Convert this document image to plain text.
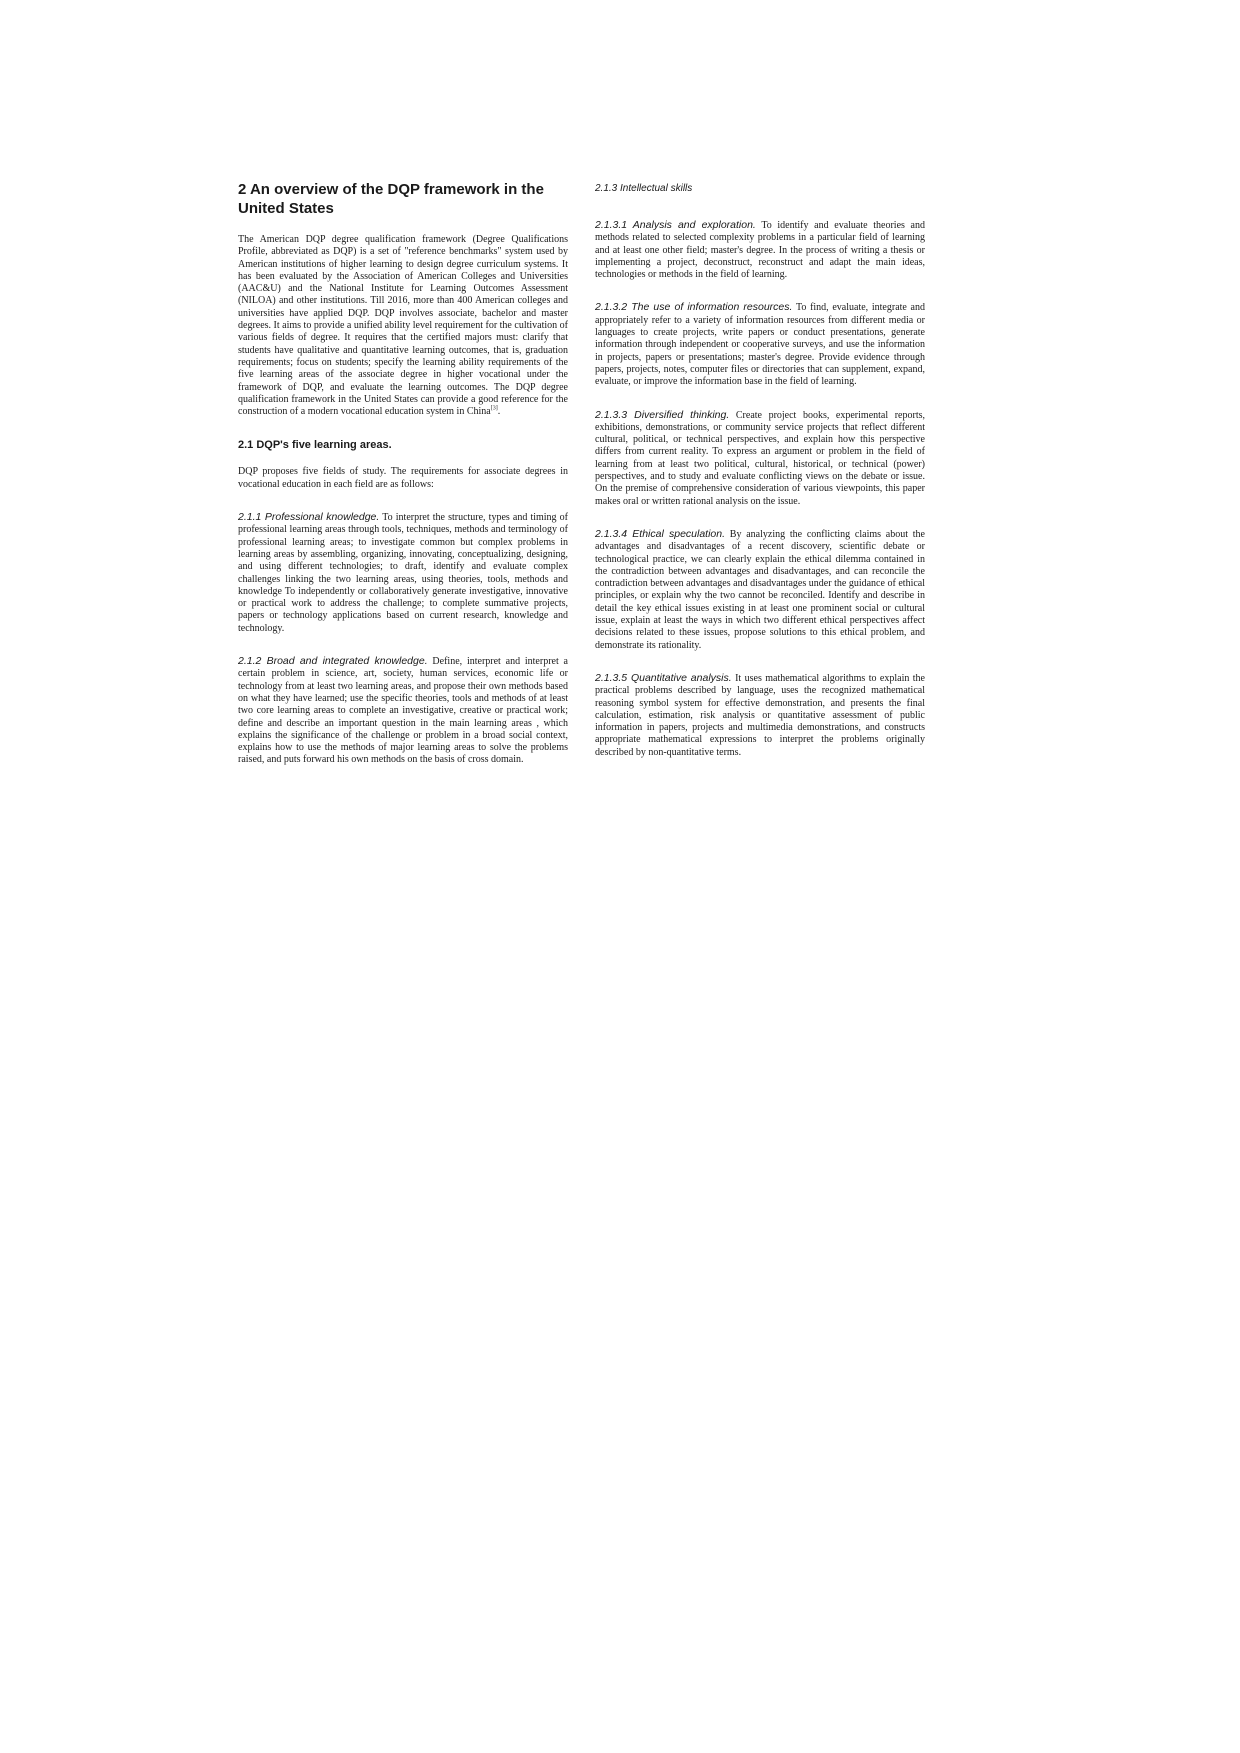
2 An overview of the DQP framework in the United States

The American DQP degree qualification framework (Degree Qualifications Profile, abbreviated as DQP) is a set of "reference benchmarks" system used by American institutions of higher learning to design degree curriculum systems. It has been evaluated by the Association of American Colleges and Universities (AAC&U) and the National Institute for Learning Outcomes Assessment (NILOA) and other institutions. Till 2016, more than 400 American colleges and universities have applied DQP. DQP involves associate, bachelor and master degrees. It aims to provide a unified ability level requirement for the cultivation of various fields of degree. It requires that the certified majors must: clarify that students have qualitative and quantitative learning outcomes, that is, graduation requirements; focus on students; specify the learning ability requirements of the five learning areas of the associate degree in higher vocational under the framework of DQP, and evaluate the learning outcomes. The DQP degree qualification framework in the United States can provide a good reference for the construction of a modern vocational education system in China[3].

2.1 DQP's five learning areas.

DQP proposes five fields of study. The requirements for associate degrees in vocational education in each field are as follows:

2.1.1 Professional knowledge. To interpret the structure, types and timing of professional learning areas through tools, techniques, methods and terminology of professional learning areas; to investigate common but complex problems in learning areas by assembling, organizing, innovating, conceptualizing, designing, and using different technologies; to draft, identify and evaluate complex challenges linking the two learning areas, using theories, tools, methods and knowledge To independently or collaboratively generate investigative, innovative or practical work to address the challenge; to complete summative projects, papers or technology applications based on current research, knowledge and technology.

2.1.2 Broad and integrated knowledge. Define, interpret and interpret a certain problem in science, art, society, human services, economic life or technology from at least two learning areas, and propose their own methods based on what they have learned; use the specific theories, tools and methods of at least two core learning areas to complete an investigative, creative or practical work; define and describe an important question in the main learning areas , which explains the significance of the challenge or problem in a broad social context, explains how to use the methods of major learning areas to solve the problems raised, and puts forward his own methods on the basis of cross domain.

2.1.3 Intellectual skills

2.1.3.1 Analysis and exploration. To identify and evaluate theories and methods related to selected complexity problems in a particular field of learning and at least one other field; master's degree. In the process of writing a thesis or implementing a project, deconstruct, reconstruct and adapt the main ideas, technologies or methods in the field of learning.

2.1.3.2 The use of information resources. To find, evaluate, integrate and appropriately refer to a variety of information resources from different media or languages to create projects, write papers or conduct presentations, generate information through independent or cooperative surveys, and use the information in projects, papers or presentations; master's degree. Provide evidence through papers, projects, notes, computer files or directories that can supplement, expand, evaluate, or improve the information base in the field of learning.

2.1.3.3 Diversified thinking. Create project books, experimental reports, exhibitions, demonstrations, or community service projects that reflect different cultural, political, or technical perspectives, and explain how this perspective differs from current reality. To express an argument or problem in the field of learning from at least two political, cultural, historical, or technical (power) perspectives, and to study and evaluate conflicting views on the debate or issue. On the premise of comprehensive consideration of various viewpoints, this paper makes oral or written rational analysis on the issue.

2.1.3.4 Ethical speculation. By analyzing the conflicting claims about the advantages and disadvantages of a recent discovery, scientific debate or technological practice, we can clearly explain the ethical dilemma contained in the contradiction between advantages and disadvantages, and can reconcile the contradiction between advantages and disadvantages under the guidance of ethical principles, or explain why the two cannot be reconciled. Identify and describe in detail the key ethical issues existing in at least one prominent social or cultural issue, explain at least the ways in which two different ethical perspectives affect decisions related to these issues, propose solutions to this ethical problem, and demonstrate its rationality.

2.1.3.5 Quantitative analysis. It uses mathematical algorithms to explain the practical problems described by language, uses the recognized mathematical reasoning symbol system for effective demonstration, and presents the final calculation, estimation, risk analysis or quantitative assessment of public information in papers, projects and multimedia demonstrations, and constructs appropriate mathematical expressions to interpret the problems originally described by non-quantitative terms.
